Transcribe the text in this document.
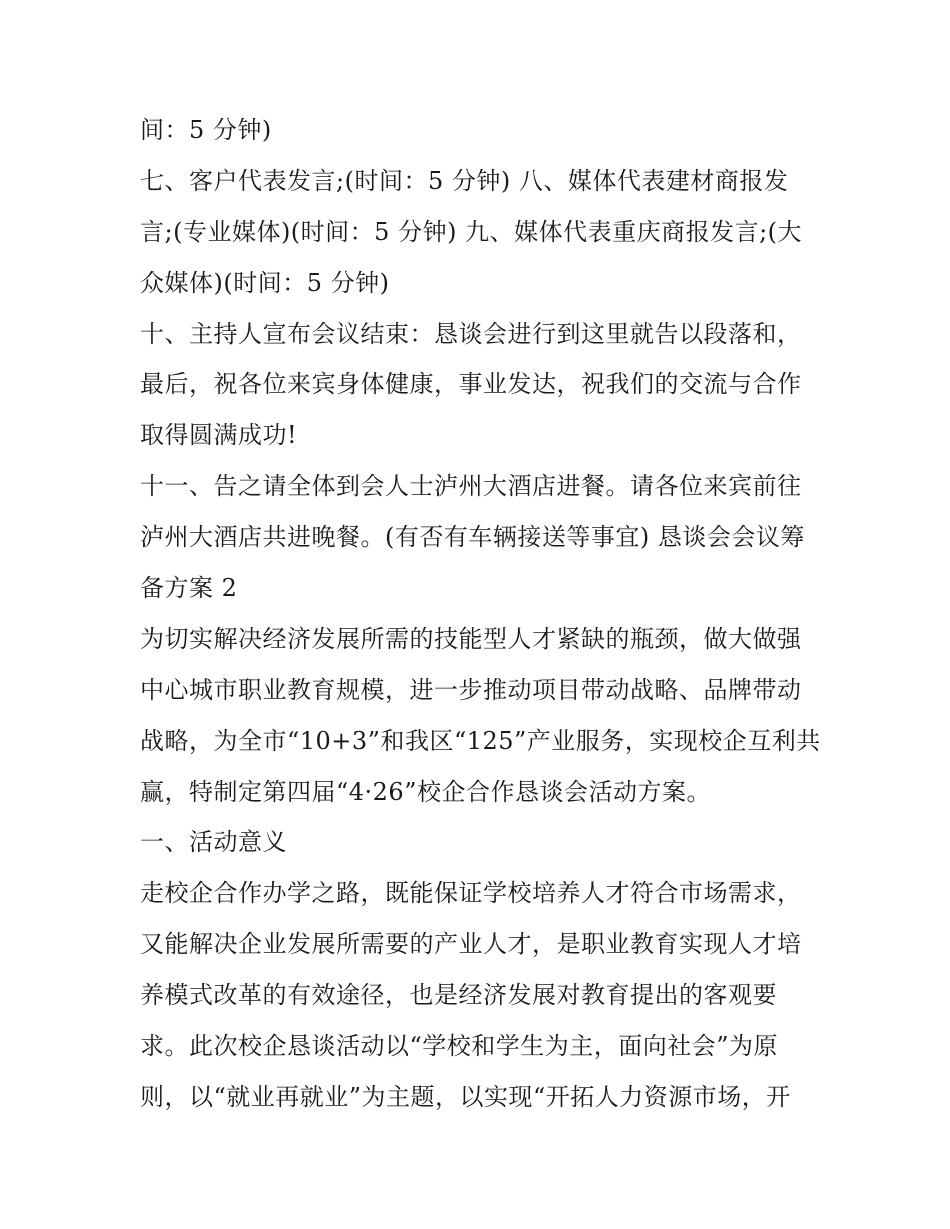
间：5 分钟)
七、客户代表发言;(时间：5 分钟) 八、媒体代表建材商报发
言;(专业媒体)(时间：5 分钟) 九、媒体代表重庆商报发言;(大
众媒体)(时间：5 分钟)
十、主持人宣布会议结束：恳谈会进行到这里就告以段落和，
最后，祝各位来宾身体健康，事业发达，祝我们的交流与合作
取得圆满成功!
十一、告之请全体到会人士泸州大酒店进餐。请各位来宾前往
泸州大酒店共进晚餐。(有否有车辆接送等事宜) 恳谈会会议筹
备方案 2
为切实解决经济发展所需的技能型人才紧缺的瓶颈，做大做强
中心城市职业教育规模，进一步推动项目带动战略、品牌带动
战略，为全市“10+3”和我区“125”产业服务，实现校企互利共
赢，特制定第四届“4·26”校企合作恳谈会活动方案。
一、活动意义
走校企合作办学之路，既能保证学校培养人才符合市场需求，
又能解决企业发展所需要的产业人才，是职业教育实现人才培
养模式改革的有效途径，也是经济发展对教育提出的客观要
求。此次校企恳谈活动以“学校和学生为主，面向社会”为原
则，以“就业再就业”为主题，以实现“开拓人力资源市场，开
